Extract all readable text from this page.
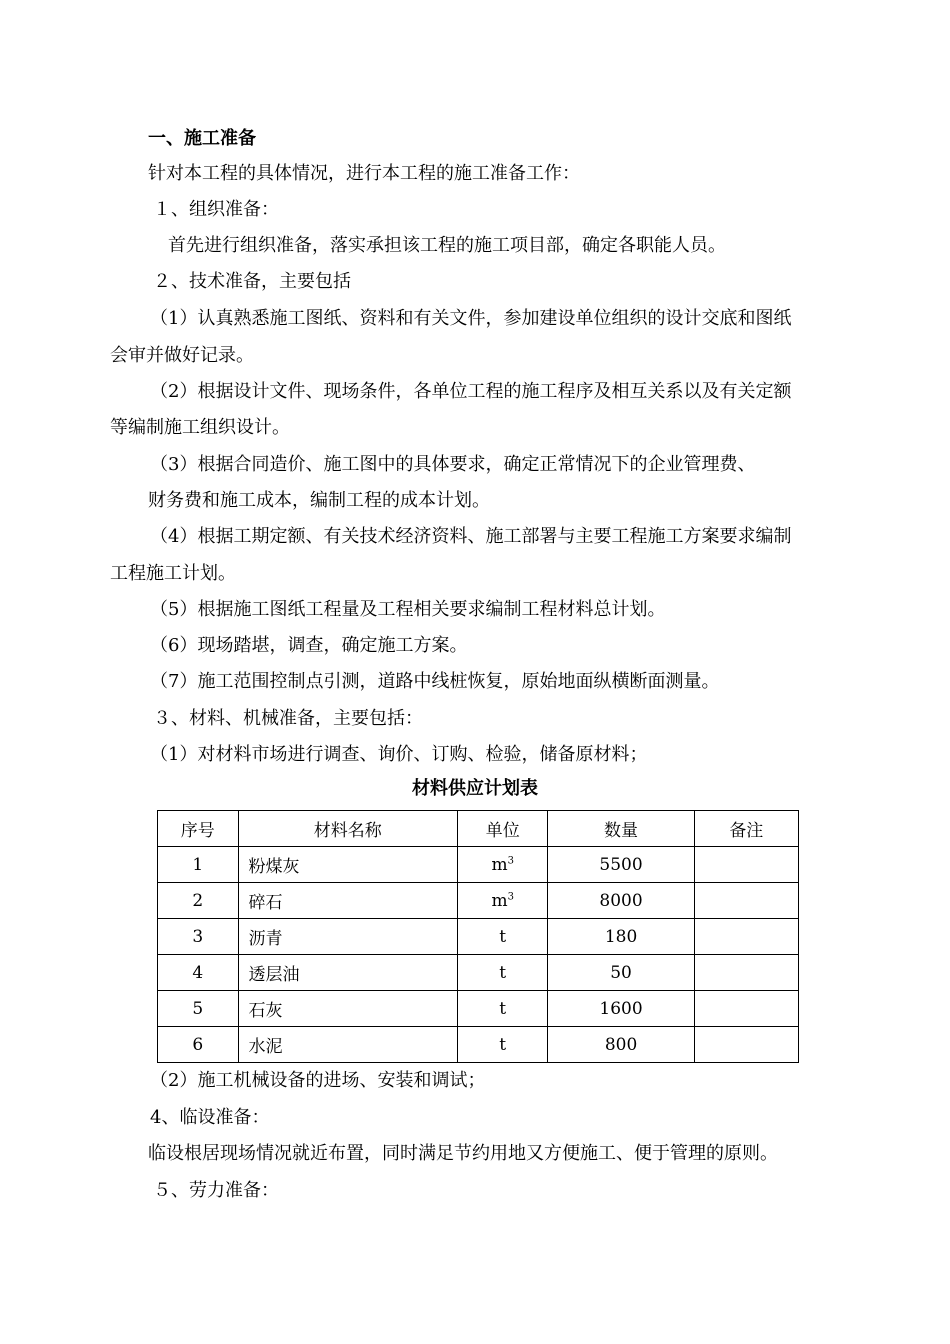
一、施工准备
针对本工程的具体情况，进行本工程的施工准备工作：
１、组织准备：
首先进行组织准备，落实承担该工程的施工项目部，确定各职能人员。
２、技术准备，主要包括
（1）认真熟悉施工图纸、资料和有关文件，参加建设单位组织的设计交底和图纸
会审并做好记录。
（2）根据设计文件、现场条件，各单位工程的施工程序及相互关系以及有关定额
等编制施工组织设计。
（3）根据合同造价、施工图中的具体要求，确定正常情况下的企业管理费、
财务费和施工成本，编制工程的成本计划。
（4）根据工期定额、有关技术经济资料、施工部署与主要工程施工方案要求编制
工程施工计划。
（5）根据施工图纸工程量及工程相关要求编制工程材料总计划。
（6）现场踏堪，调查，确定施工方案。
（7）施工范围控制点引测，道路中线桩恢复，原始地面纵横断面测量。
３、材料、机械准备，主要包括：
（1）对材料市场进行调查、询价、订购、检验，储备原材料；
材料供应计划表
序号	材料名称	单位	数量	备注
1	粉煤灰	$m^3$	5500	
2	碎石	$m^3$	8000	
3	沥青	t	180	
4	透层油	t	50	
5	石灰	t	1600	
6	水泥	t	800	
（2）施工机械设备的进场、安装和调试；
4、临设准备：
临设根居现场情况就近布置，同时满足节约用地又方便施工、便于管理的原则。
５、劳力准备：
